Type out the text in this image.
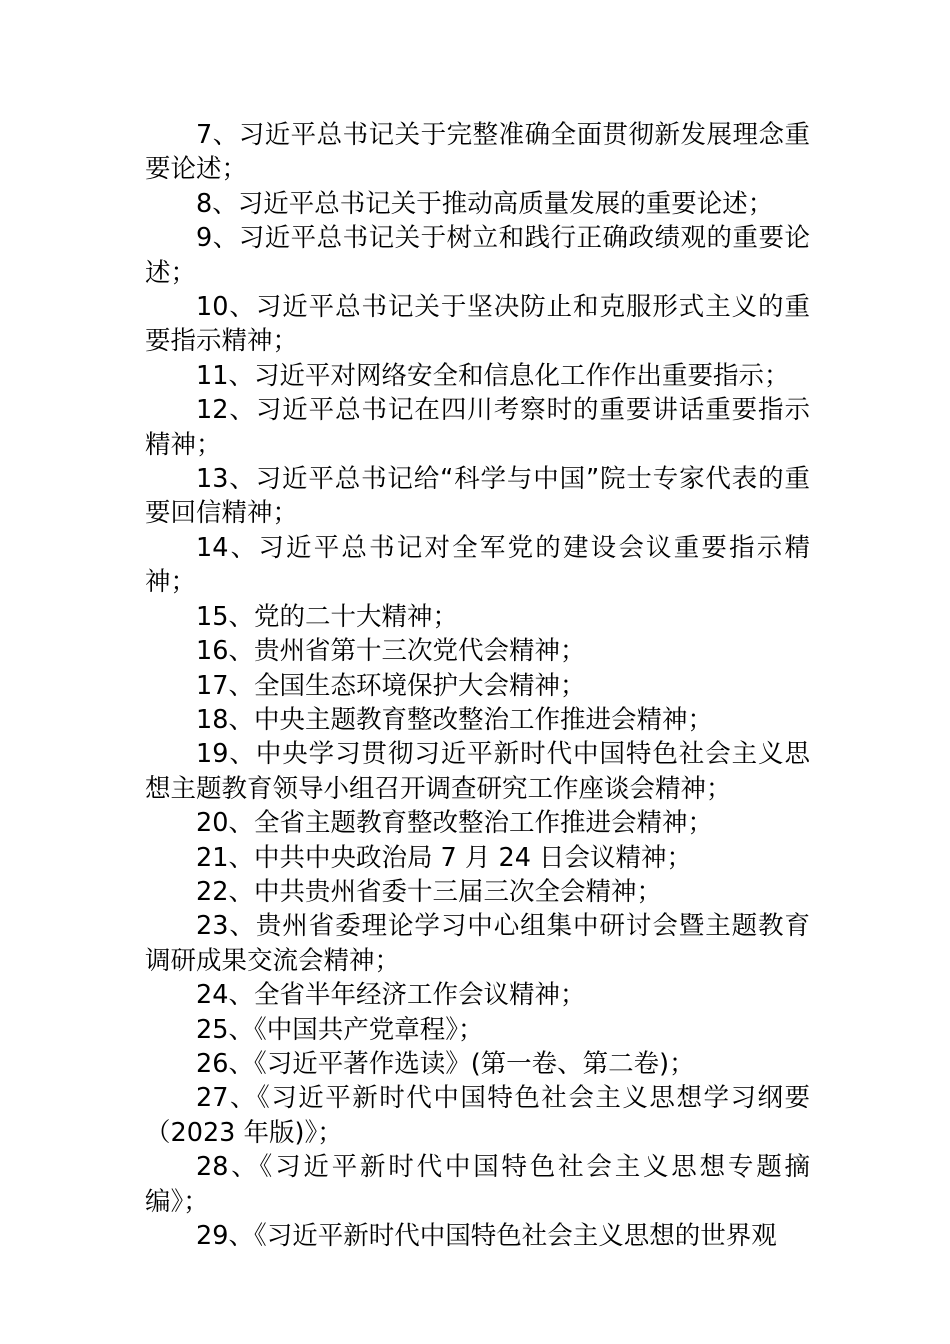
7、习近平总书记关于完整准确全面贯彻新发展理念重要论述；

8、习近平总书记关于推动高质量发展的重要论述；

9、习近平总书记关于树立和践行正确政绩观的重要论述；

10、习近平总书记关于坚决防止和克服形式主义的重要指示精神；

11、习近平对网络安全和信息化工作作出重要指示；

12、习近平总书记在四川考察时的重要讲话重要指示精神；

13、习近平总书记给“科学与中国”院士专家代表的重要回信精神；

14、习近平总书记对全军党的建设会议重要指示精神；

15、党的二十大精神；

16、贵州省第十三次党代会精神；

17、全国生态环境保护大会精神；

18、中央主题教育整改整治工作推进会精神；

19、中央学习贯彻习近平新时代中国特色社会主义思想主题教育领导小组召开调查研究工作座谈会精神；

20、全省主题教育整改整治工作推进会精神；

21、中共中央政治局 7 月 24 日会议精神；

22、中共贵州省委十三届三次全会精神；

23、贵州省委理论学习中心组集中研讨会暨主题教育调研成果交流会精神；

24、全省半年经济工作会议精神；

25、《中国共产党章程》；

26、《习近平著作选读》(第一卷、第二卷)；

27、《习近平新时代中国特色社会主义思想学习纲要（2023 年版)》；

28、《习近平新时代中国特色社会主义思想专题摘编》；

29、《习近平新时代中国特色社会主义思想的世界观
